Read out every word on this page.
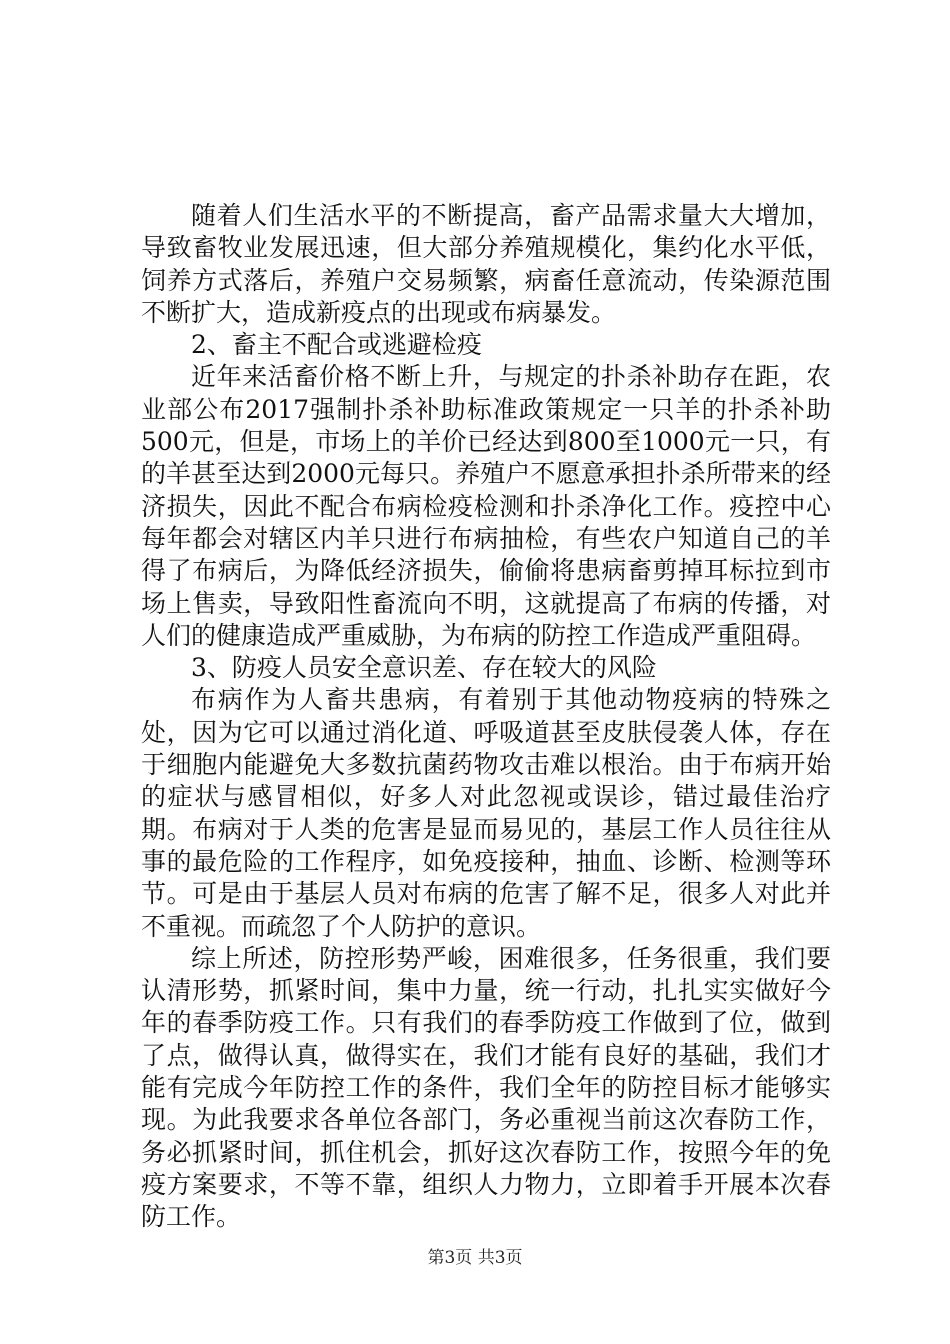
随着人们生活水平的不断提高，畜产品需求量大大增加，导致畜牧业发展迅速，但大部分养殖规模化，集约化水平低，饲养方式落后，养殖户交易频繁，病畜任意流动，传染源范围不断扩大，造成新疫点的出现或布病暴发。

2、畜主不配合或逃避检疫

近年来活畜价格不断上升，与规定的扑杀补助存在距，农业部公布2017强制扑杀补助标准政策规定一只羊的扑杀补助500元，但是，市场上的羊价已经达到800至1000元一只，有的羊甚至达到2000元每只。养殖户不愿意承担扑杀所带来的经济损失，因此不配合布病检疫检测和扑杀净化工作。疫控中心每年都会对辖区内羊只进行布病抽检，有些农户知道自己的羊得了布病后，为降低经济损失，偷偷将患病畜剪掉耳标拉到市场上售卖，导致阳性畜流向不明，这就提高了布病的传播，对人们的健康造成严重威胁，为布病的防控工作造成严重阻碍。

3、防疫人员安全意识差、存在较大的风险

布病作为人畜共患病，有着别于其他动物疫病的特殊之处，因为它可以通过消化道、呼吸道甚至皮肤侵袭人体，存在于细胞内能避免大多数抗菌药物攻击难以根治。由于布病开始的症状与感冒相似，好多人对此忽视或误诊，错过最佳治疗期。布病对于人类的危害是显而易见的，基层工作人员往往从事的最危险的工作程序，如免疫接种，抽血、诊断、检测等环节。可是由于基层人员对布病的危害了解不足，很多人对此并不重视。而疏忽了个人防护的意识。

综上所述，防控形势严峻，困难很多，任务很重，我们要认清形势，抓紧时间，集中力量，统一行动，扎扎实实做好今年的春季防疫工作。只有我们的春季防疫工作做到了位，做到了点，做得认真，做得实在，我们才能有良好的基础，我们才能有完成今年防控工作的条件，我们全年的防控目标才能够实现。为此我要求各单位各部门，务必重视当前这次春防工作，务必抓紧时间，抓住机会，抓好这次春防工作，按照今年的免疫方案要求，不等不靠，组织人力物力，立即着手开展本次春防工作。

第3页 共3页
